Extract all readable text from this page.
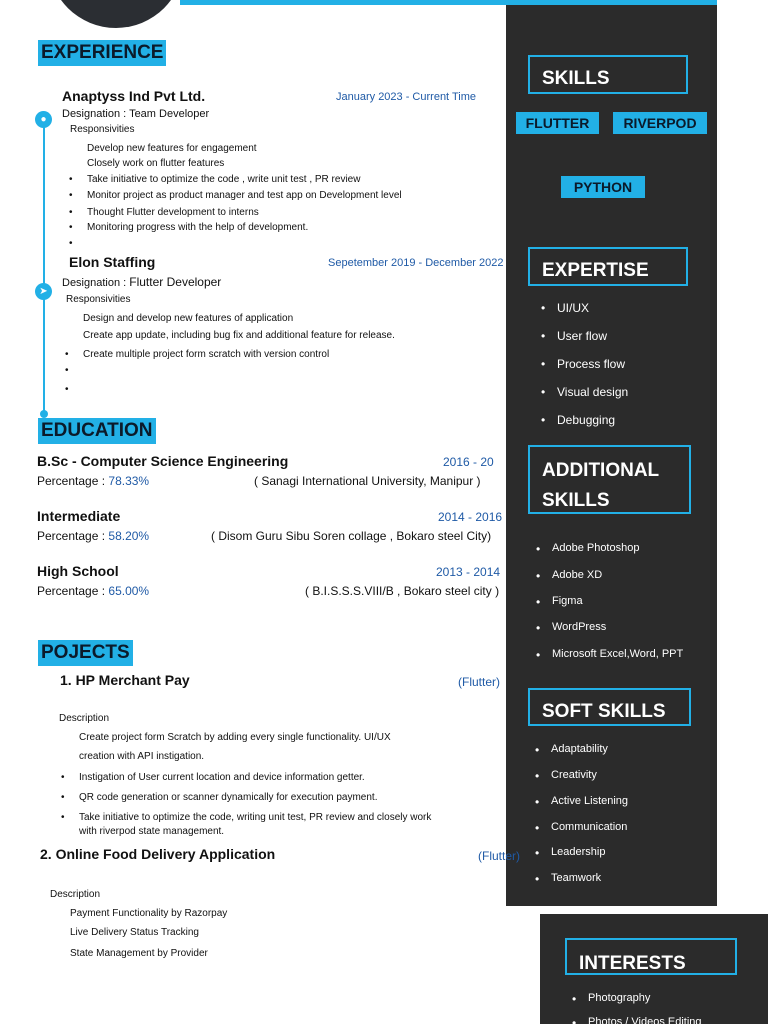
EXPERIENCE
●
➤
Anaptyss Ind Pvt Ltd.	January 2023 - Current Time
Designation : Team Developer
Responsivities
Develop new features for engagement
Closely work on flutter features
• Take initiative to optimize the code , write unit test , PR review
• Monitor project as product manager and test app on Development level
• Thought Flutter development to interns
• Monitoring progress with the help of development.
•
Elon Staffing	Sepetember 2019 - December 2022
Designation : Flutter Developer
Responsivities
Design and develop new features of application
Create app update, including bug fix and additional feature for release.
• Create multiple project form scratch with version control
•
•
EDUCATION
B.Sc - Computer Science Engineering	2016 - 20
Percentage : 78.33%	( Sanagi International University, Manipur )
Intermediate	2014 - 2016
Percentage : 58.20%	( Disom Guru Sibu Soren collage , Bokaro steel City)
High School	2013 - 2014
Percentage : 65.00%	( B.I.S.S.S.VIII/B , Bokaro steel city )
POJECTS
1. HP Merchant Pay	(Flutter)
Description
Create project form Scratch by adding every single functionality. UI/UX
creation with API instigation.
• Instigation of User current location and device information getter.
• QR code generation or scanner dynamically for execution payment.
• Take initiative to optimize the code, writing unit test, PR review and closely work
with riverpod state management.
2. Online Food Delivery Application	(Flutter)
Description
Payment Functionality by Razorpay
Live Delivery Status Tracking
State Management by Provider
SKILLS
FLUTTER	RIVERPOD
PYTHON
EXPERTISE
• UI/UX
• User flow
• Process flow
• Visual design
• Debugging
ADDITIONAL
SKILLS
• Adobe Photoshop
• Adobe XD
• Figma
• WordPress
• Microsoft Excel,Word, PPT
SOFT SKILLS
• Adaptability
• Creativity
• Active Listening
• Communication
• Leadership
• Teamwork
INTERESTS
• Photography
• Photos / Videos Editing
